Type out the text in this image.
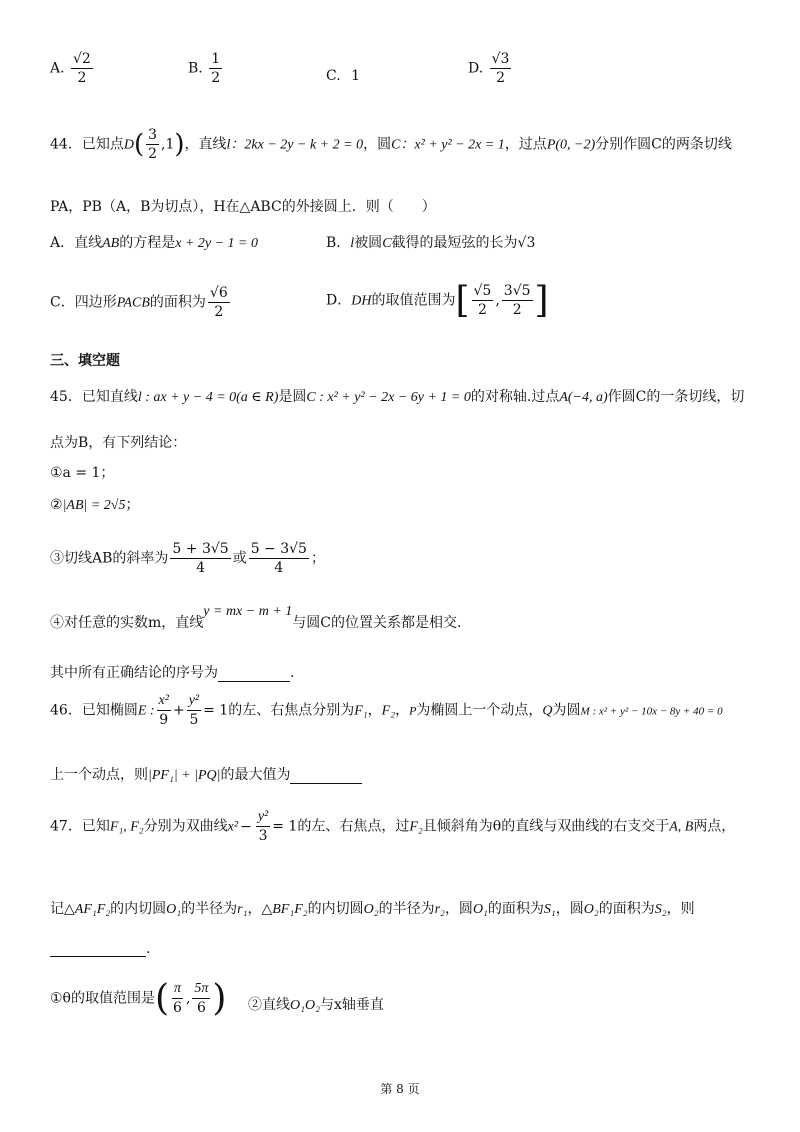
A. $\frac{√2}{2}$	B. $\frac{1}{2}$	C. 1	D. $\frac{√3}{2}$
44．已知点$D( \frac{3}{2} ,1)$，直线l：2kx − 2y − k + 2 = 0，圆C：x² + y² − 2x = 1，过点P(0, −2)分别作圆C的两条切线
PA，PB（A，B为切点），H在△ABC的外接圆上．则（　　）
A．直线AB的方程是x + 2y − 1 = 0	B．l被圆C截得的最短弦的长为√3
C．四边形PACB的面积为 $\frac{√6}{2}$	D．DH的取值范围为[ $\frac{√5}{2}$ , $\frac{3√5}{2}$ ]
三、填空题
45．已知直线l : ax + y − 4 = 0(a ∈ R)是圆C : x² + y² − 2x − 6y + 1 = 0的对称轴.过点A(−4, a)作圆C的一条切线，切
点为B，有下列结论：
①a = 1；
②|AB| = 2√5；
③切线AB的斜率为 $\frac{5 + 3√5}{4}$ 或 $\frac{5 - 3√5}{4}$ ；
④对任意的实数m，直线y = mx − m + 1与圆C的位置关系都是相交.
其中所有正确结论的序号为	.
46．已知椭圆E : $\frac{\text{x²}}{9} + \frac{\text{y²}}{5} = 1$的左、右焦点分别为F₁，F₂，P为椭圆上一个动点，Q为圆M : x² + y² − 10x − 8y + 40 = 0
上一个动点，则|PF₁| + |PQ|的最大值为
47．已知F₁, F₂分别为双曲线$x^2 - \frac{\text{y²}}{3} = 1$的左、右焦点，过F₂且倾斜角为θ的直线与双曲线的右支交于A, B两点，
记△AF₁F₂的内切圆O₁的半径为r₁，△BF₁F₂的内切圆O₂的半径为r₂，圆O₁的面积为S₁，圆O₂的面积为S₂，则
.
①θ的取值范围是( $\frac{\pi}{6}$ , $\frac{5\pi}{6}$ ) ②直线O₁O₂与x轴垂直
第 8 页
